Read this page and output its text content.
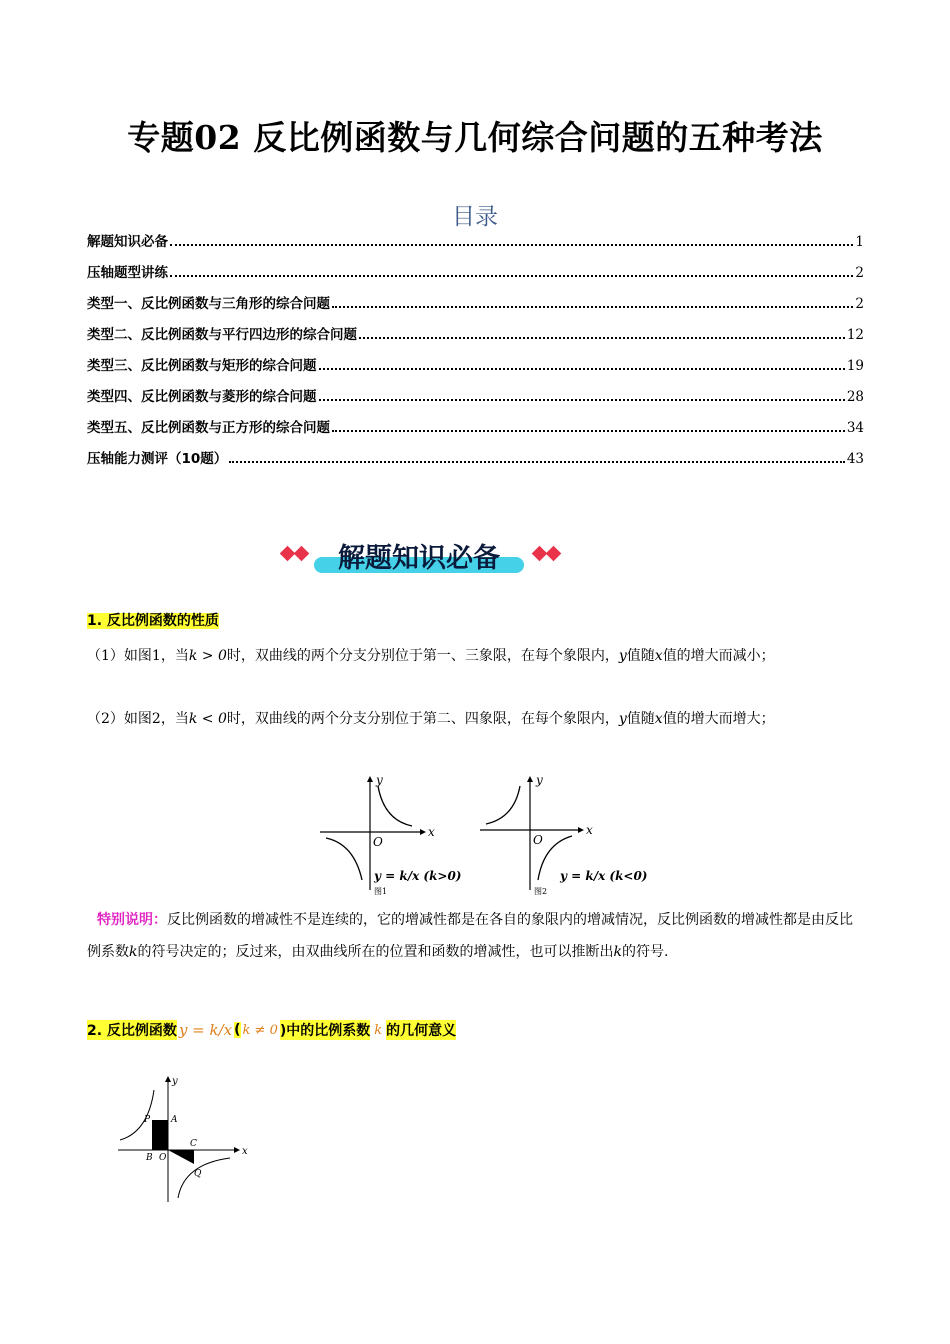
专题02 反比例函数与几何综合问题的五种考法
目录
解题知识必备	1
压轴题型讲练	2
类型一、反比例函数与三角形的综合问题	2
类型二、反比例函数与平行四边形的综合问题	12
类型三、反比例函数与矩形的综合问题	19
类型四、反比例函数与菱形的综合问题	28
类型五、反比例函数与正方形的综合问题	34
压轴能力测评（10题）	43
解题知识必备
1. 反比例函数的性质
（1）如图1，当k > 0时，双曲线的两个分支分别位于第一、三象限，在每个象限内，y值随x值的增大而减小；
（2）如图2，当k < 0时，双曲线的两个分支分别位于第二、四象限，在每个象限内，y值随x值的增大而增大；
x
y
O
y = k/x (k>0)
图1
x
y
O
y = k/x (k<0)
图2
特别说明：反比例函数的增减性不是连续的，它的增减性都是在各自的象限内的增减情况，反比例函数的增减性都是由反比例系数k的符号决定的；反过来，由双曲线所在的位置和函数的增减性，也可以推断出k的符号.
2. 反比例函数 y = k/x ( k ≠ 0 )中的比例系数 k 的几何意义
x
y
P A
B O
C
Q
